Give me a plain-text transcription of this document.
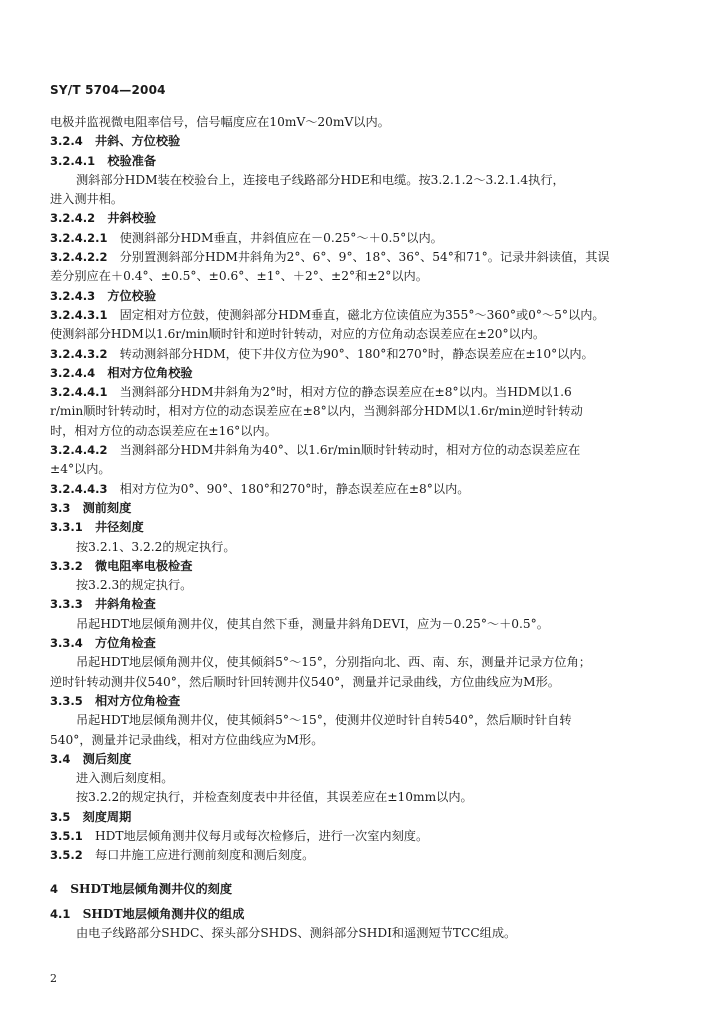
SY/T 5704—2004
电极并监视微电阻率信号，信号幅度应在10mV～20mV以内。
3.2.4  井斜、方位校验
3.2.4.1  校验准备
测斜部分HDM装在校验台上，连接电子线路部分HDE和电缆。按3.2.1.2～3.2.1.4执行，
进入测井相。
3.2.4.2  井斜校验
3.2.4.2.1  使测斜部分HDM垂直，井斜值应在－0.25°～＋0.5°以内。
3.2.4.2.2  分别置测斜部分HDM井斜角为2°、6°、9°、18°、36°、54°和71°。记录井斜读值，其误
差分别应在＋0.4°、±0.5°、±0.6°、±1°、＋2°、±2°和±2°以内。
3.2.4.3  方位校验
3.2.4.3.1  固定相对方位鼓，使测斜部分HDM垂直，磁北方位读值应为355°～360°或0°～5°以内。
使测斜部分HDM以1.6r/min顺时针和逆时针转动，对应的方位角动态误差应在±20°以内。
3.2.4.3.2  转动测斜部分HDM，使下井仪方位为90°、180°和270°时，静态误差应在±10°以内。
3.2.4.4  相对方位角校验
3.2.4.4.1  当测斜部分HDM井斜角为2°时，相对方位的静态误差应在±8°以内。当HDM以1.6
r/min顺时针转动时，相对方位的动态误差应在±8°以内，当测斜部分HDM以1.6r/min逆时针转动
时，相对方位的动态误差应在±16°以内。
3.2.4.4.2  当测斜部分HDM井斜角为40°、以1.6r/min顺时针转动时，相对方位的动态误差应在
±4°以内。
3.2.4.4.3  相对方位为0°、90°、180°和270°时，静态误差应在±8°以内。
3.3  测前刻度
3.3.1  井径刻度
按3.2.1、3.2.2的规定执行。
3.3.2  微电阻率电极检查
按3.2.3的规定执行。
3.3.3  井斜角检查
吊起HDT地层倾角测井仪，使其自然下垂，测量井斜角DEVI，应为－0.25°～＋0.5°。
3.3.4  方位角检查
吊起HDT地层倾角测井仪，使其倾斜5°～15°，分别指向北、西、南、东，测量并记录方位角；
逆时针转动测井仪540°，然后顺时针回转测井仪540°，测量并记录曲线，方位曲线应为M形。
3.3.5  相对方位角检查
吊起HDT地层倾角测井仪，使其倾斜5°～15°，使测井仪逆时针自转540°，然后顺时针自转
540°，测量并记录曲线，相对方位曲线应为M形。
3.4  测后刻度
进入测后刻度相。
按3.2.2的规定执行，并检查刻度表中井径值，其误差应在±10mm以内。
3.5  刻度周期
3.5.1  HDT地层倾角测井仪每月或每次检修后，进行一次室内刻度。
3.5.2  每口井施工应进行测前刻度和测后刻度。
4  SHDT地层倾角测井仪的刻度
4.1  SHDT地层倾角测井仪的组成
由电子线路部分SHDC、探头部分SHDS、测斜部分SHDI和遥测短节TCC组成。
2
